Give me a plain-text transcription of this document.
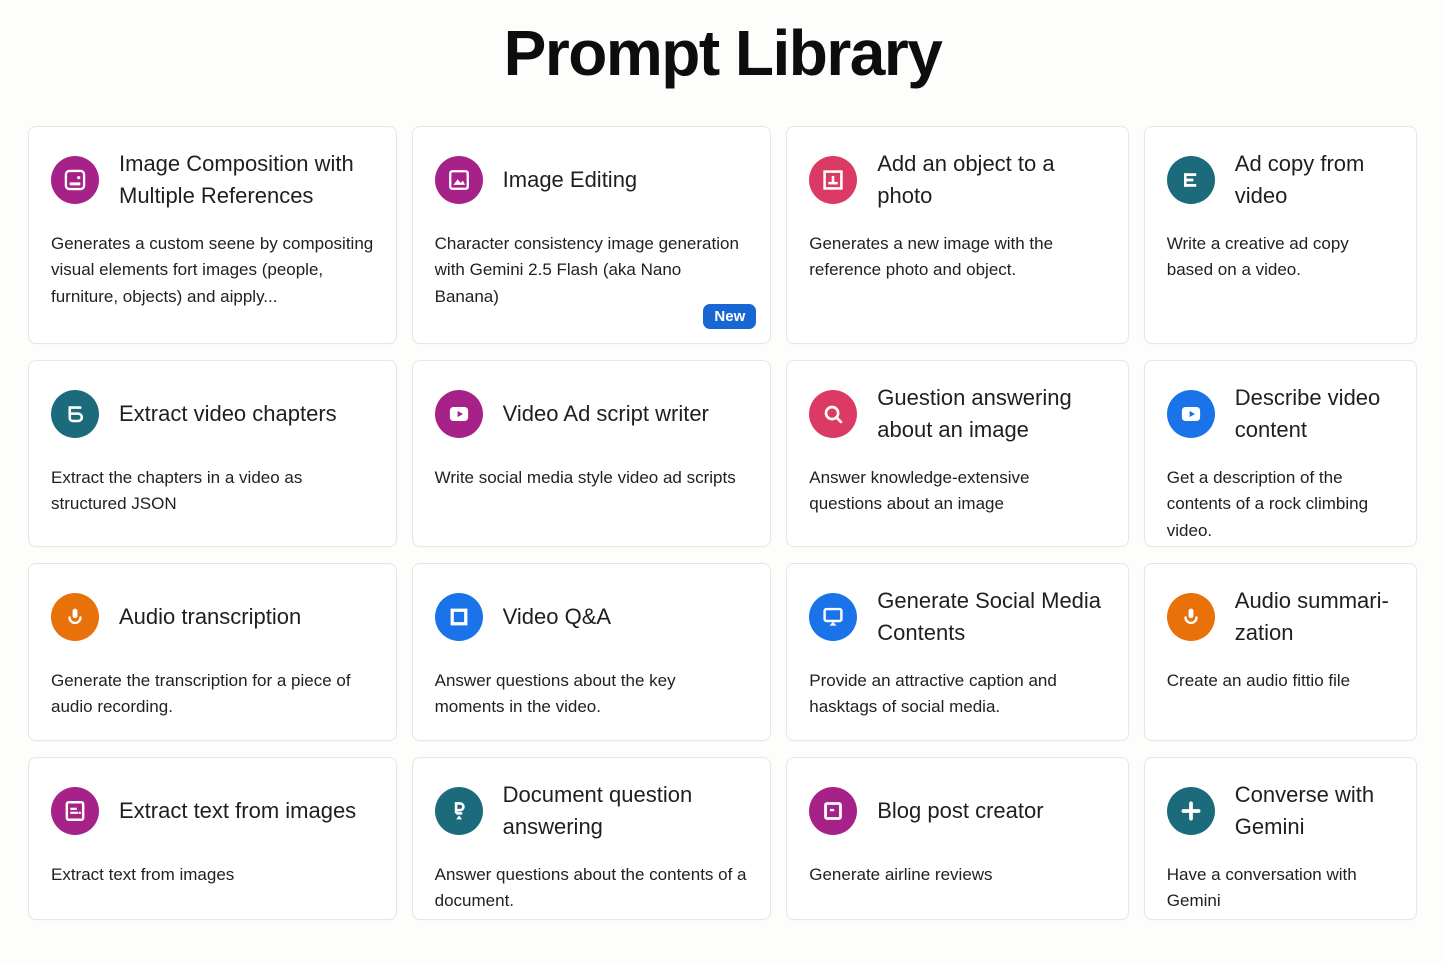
Prompt Library
Image Composition with Multiple References
Generates a custom seene by compositing visual elements fort images (people, furniture, objects) and aipply...
Image Editing
Character consistency image generation with Gemini 2.5 Flash (aka Nano Banana)
New
Add an object to a photo
Generates a new image with the reference photo and object.
Ad copy from video
Write a creative ad copy based on a video.
Extract video chapters
Extract the chapters in a video as structured JSON
Video Ad script writer
Write social media style video ad scripts
Guestion answering about an image
Answer knowledge-extensive questions about an image
Describe video content
Get a description of the contents of a rock climbing video.
Audio transcription
Generate the transcription for a piece of audio recording.
Video Q&A
Answer questions about the key moments in the video.
Generate Social Media Contents
Provide an attractive caption and hasktags of social media.
Audio summari-zation
Create an audio fittio file
Extract text from images
Extract text from images
Document question answering
Answer questions about the contents of a document.
Blog post creator
Generate airline reviews
Converse with Gemini
Have a conversation with Gemini
